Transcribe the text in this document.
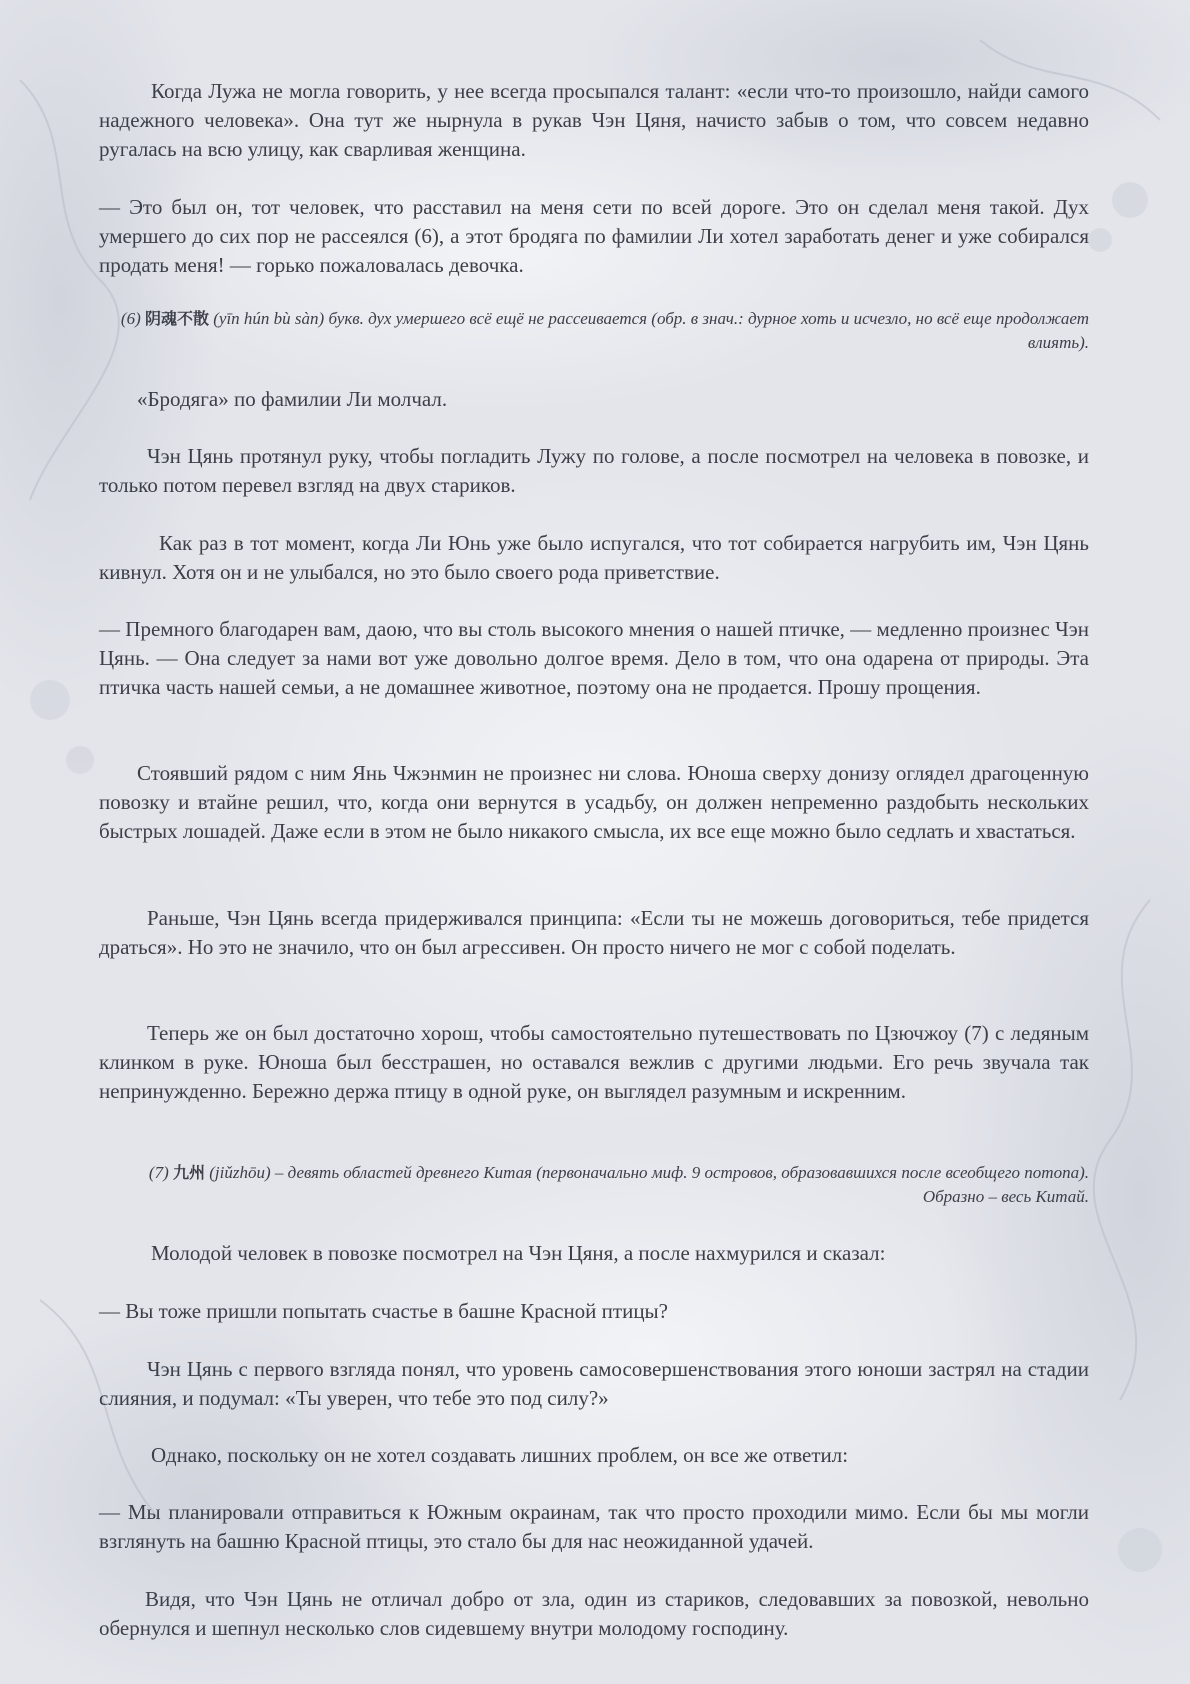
Когда Лужа не могла говорить, у нее всегда просыпался талант: «если что-то произошло, найди самого надежного человека». Она тут же нырнула в рукав Чэн Цяня, начисто забыв о том, что совсем недавно ругалась на всю улицу, как сварливая женщина.

— Это был он, тот человек, что расставил на меня сети по всей дороге. Это он сделал меня такой. Дух умершего до сих пор не рассеялся (6), а этот бродяга по фамилии Ли хотел заработать денег и уже собирался продать меня! — горько пожаловалась девочка.

(6) 阴魂不散 (yīn hún bù sàn) букв. дух умершего всё ещё не рассеивается (обр. в знач.: дурное хоть и исчезло, но всё еще продолжает влиять).

«Бродяга» по фамилии Ли молчал.

Чэн Цянь протянул руку, чтобы погладить Лужу по голове, а после посмотрел на человека в повозке, и только потом перевел взгляд на двух стариков.

Как раз в тот момент, когда Ли Юнь уже было испугался, что тот собирается нагрубить им, Чэн Цянь кивнул. Хотя он и не улыбался, но это было своего рода приветствие.

— Премного благодарен вам, даою, что вы столь высокого мнения о нашей птичке, — медленно произнес Чэн Цянь. — Она следует за нами вот уже довольно долгое время. Дело в том, что она одарена от природы. Эта птичка часть нашей семьи, а не домашнее животное, поэтому она не продается. Прошу прощения.

Стоявший рядом с ним Янь Чжэнмин не произнес ни слова. Юноша сверху донизу оглядел драгоценную повозку и втайне решил, что, когда они вернутся в усадьбу, он должен непременно раздобыть нескольких быстрых лошадей. Даже если в этом не было никакого смысла, их все еще можно было седлать и хвастаться.

Раньше, Чэн Цянь всегда придерживался принципа: «Если ты не можешь договориться, тебе придется драться». Но это не значило, что он был агрессивен. Он просто ничего не мог с собой поделать.

Теперь же он был достаточно хорош, чтобы самостоятельно путешествовать по Цзючжоу (7) с ледяным клинком в руке. Юноша был бесстрашен, но оставался вежлив с другими людьми. Его речь звучала так непринужденно. Бережно держа птицу в одной руке, он выглядел разумным и искренним.

(7) 九州 (jiǔzhōu) – девять областей древнего Китая (первоначально миф. 9 островов, образовавшихся после всеобщего потопа). Образно – весь Китай.

Молодой человек в повозке посмотрел на Чэн Цяня, а после нахмурился и сказал:

— Вы тоже пришли попытать счастье в башне Красной птицы?

Чэн Цянь с первого взгляда понял, что уровень самосовершенствования этого юноши застрял на стадии слияния, и подумал: «Ты уверен, что тебе это под силу?»

Однако, поскольку он не хотел создавать лишних проблем, он все же ответил:

— Мы планировали отправиться к Южным окраинам, так что просто проходили мимо. Если бы мы могли взглянуть на башню Красной птицы, это стало бы для нас неожиданной удачей.

Видя, что Чэн Цянь не отличал добро от зла, один из стариков, следовавших за повозкой, невольно обернулся и шепнул несколько слов сидевшему внутри молодому господину.
